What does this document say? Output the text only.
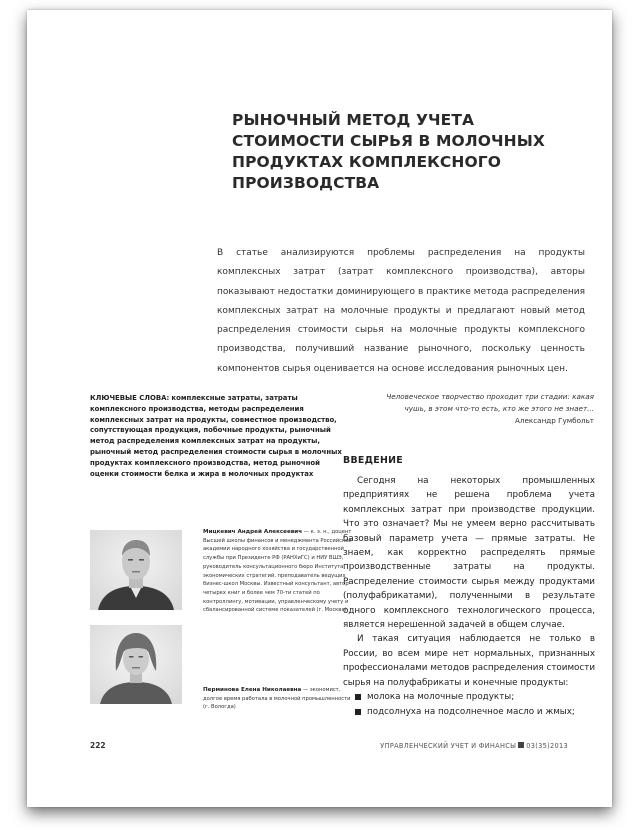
РЫНОЧНЫЙ МЕТОД УЧЕТА СТОИМОСТИ СЫРЬЯ В МОЛОЧНЫХ ПРОДУКТАХ КОМПЛЕКСНОГО ПРОИЗВОДСТВА
В статье анализируются проблемы распределения на продукты комплексных затрат (затрат комплексного производства), авторы показывают недостатки доминирующего в практике метода распределения комплексных затрат на молочные продукты и предлагают новый метод распределения стоимости сырья на молочные продукты комплексного производства, получивший название рыночного, поскольку ценность компонентов сырья оценивается на основе исследования рыночных цен.
КЛЮЧЕВЫЕ СЛОВА: комплексные затраты, затраты комплексного производства, методы распределения комплексных затрат на продукты, совместное производство, сопутствующая продукция, побочные продукты, рыночный метод распределения комплексных затрат на продукты, рыночный метод распределения стоимости сырья в молочных продуктах комплексного производства, метод рыночной оценки стоимости белка и жира в молочных продуктах
Человеческое творчество проходит три стадии: какая чушь, в этом что-то есть, кто же этого не знает...
Александр Гумбольт
ВВЕДЕНИЕ

Сегодня на некоторых промышленных предприятиях не решена проблема учета комплексных затрат при производстве продукции. Что это означает? Мы не умеем верно рассчитывать базовый параметр учета — прямые затраты. Не знаем, как корректно распределять прямые производственные затраты на продукты. Распределение стоимости сырья между продуктами (полуфабрикатами), полученными в результате одного комплексного технологического процесса, является нерешенной задачей в общем случае.

И такая ситуация наблюдается не только в России, во всем мире нет нормальных, признанных профессионалами методов распределения стоимости сырья на полуфабрикаты и конечные продукты:

молока на молочные продукты;
подсолнуха на подсолнечное масло и жмых;
Мицкевич Андрей Алексеевич — к. э. н., доцент Высшей школы финансов и менеджмента Российской академии народного хозяйства и государственной службы при Президенте РФ (РАНХиГС) и НИУ ВШЭ, руководитель консультационного бюро Института экономических стратегий, преподаватель ведущих бизнес-школ Москвы. Известный консультант, автор четырех книг и более чем 70-ти статей по контроллингу, мотивации, управленческому учету и сбалансированной системе показателей (г. Москва)
Перминова Елена Николаевна — экономист, долгое время работала в молочной промышленности (г. Вологда)
222	УПРАВЛЕНЧЕСКИЙ УЧЕТ И ФИНАНСЫ 03(35)2013
